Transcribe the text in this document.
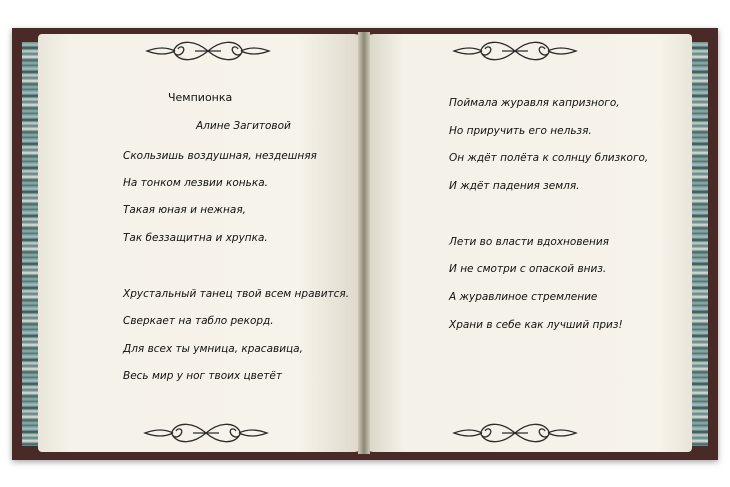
Чемпионка
Алине Загитовой
Скользишь воздушная, нездешняя
На тонком лезвии конька.
Такая юная и нежная,
Так беззащитна и хрупка.
Хрустальный танец твой всем нравится.
Сверкает на табло рекорд.
Для всех ты умница, красавица,
Весь мир у ног твоих цветёт
Поймала журавля капризного,
Но приручить его нельзя.
Он ждёт полёта к солнцу близкого,
И ждёт падения земля.
Лети во власти вдохновения
И не смотри с опаской вниз.
А журавлиное стремление
Храни в себе как лучший приз!
